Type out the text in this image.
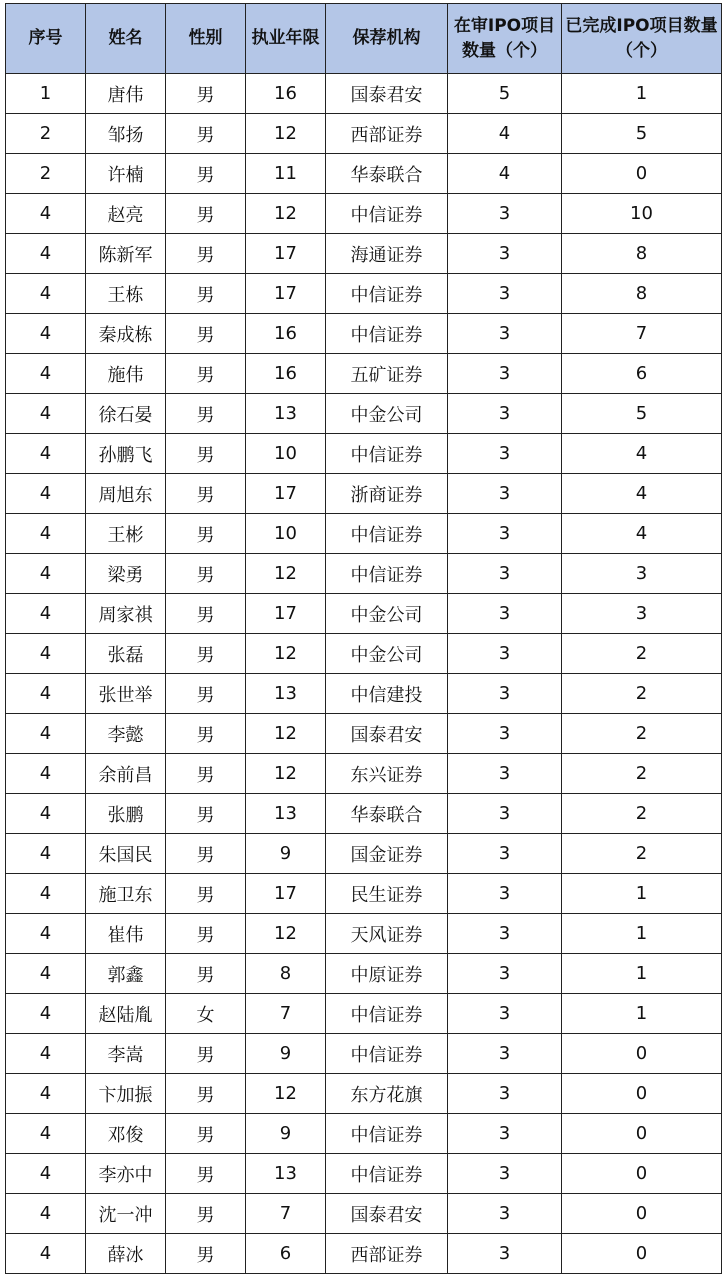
序号	姓名	性别	执业年限	保荐机构	在审IPO项目数量（个）	已完成IPO项目数量（个）
1	唐伟	男	16	国泰君安	5	1
2	邹扬	男	12	西部证券	4	5
2	许楠	男	11	华泰联合	4	0
4	赵亮	男	12	中信证券	3	10
4	陈新军	男	17	海通证券	3	8
4	王栋	男	17	中信证券	3	8
4	秦成栋	男	16	中信证券	3	7
4	施伟	男	16	五矿证券	3	6
4	徐石晏	男	13	中金公司	3	5
4	孙鹏飞	男	10	中信证券	3	4
4	周旭东	男	17	浙商证券	3	4
4	王彬	男	10	中信证券	3	4
4	梁勇	男	12	中信证券	3	3
4	周家祺	男	17	中金公司	3	3
4	张磊	男	12	中金公司	3	2
4	张世举	男	13	中信建投	3	2
4	李懿	男	12	国泰君安	3	2
4	余前昌	男	12	东兴证券	3	2
4	张鹏	男	13	华泰联合	3	2
4	朱国民	男	9	国金证券	3	2
4	施卫东	男	17	民生证券	3	1
4	崔伟	男	12	天风证券	3	1
4	郭鑫	男	8	中原证券	3	1
4	赵陆胤	女	7	中信证券	3	1
4	李嵩	男	9	中信证券	3	0
4	卞加振	男	12	东方花旗	3	0
4	邓俊	男	9	中信证券	3	0
4	李亦中	男	13	中信证券	3	0
4	沈一冲	男	7	国泰君安	3	0
4	薛冰	男	6	西部证券	3	0
